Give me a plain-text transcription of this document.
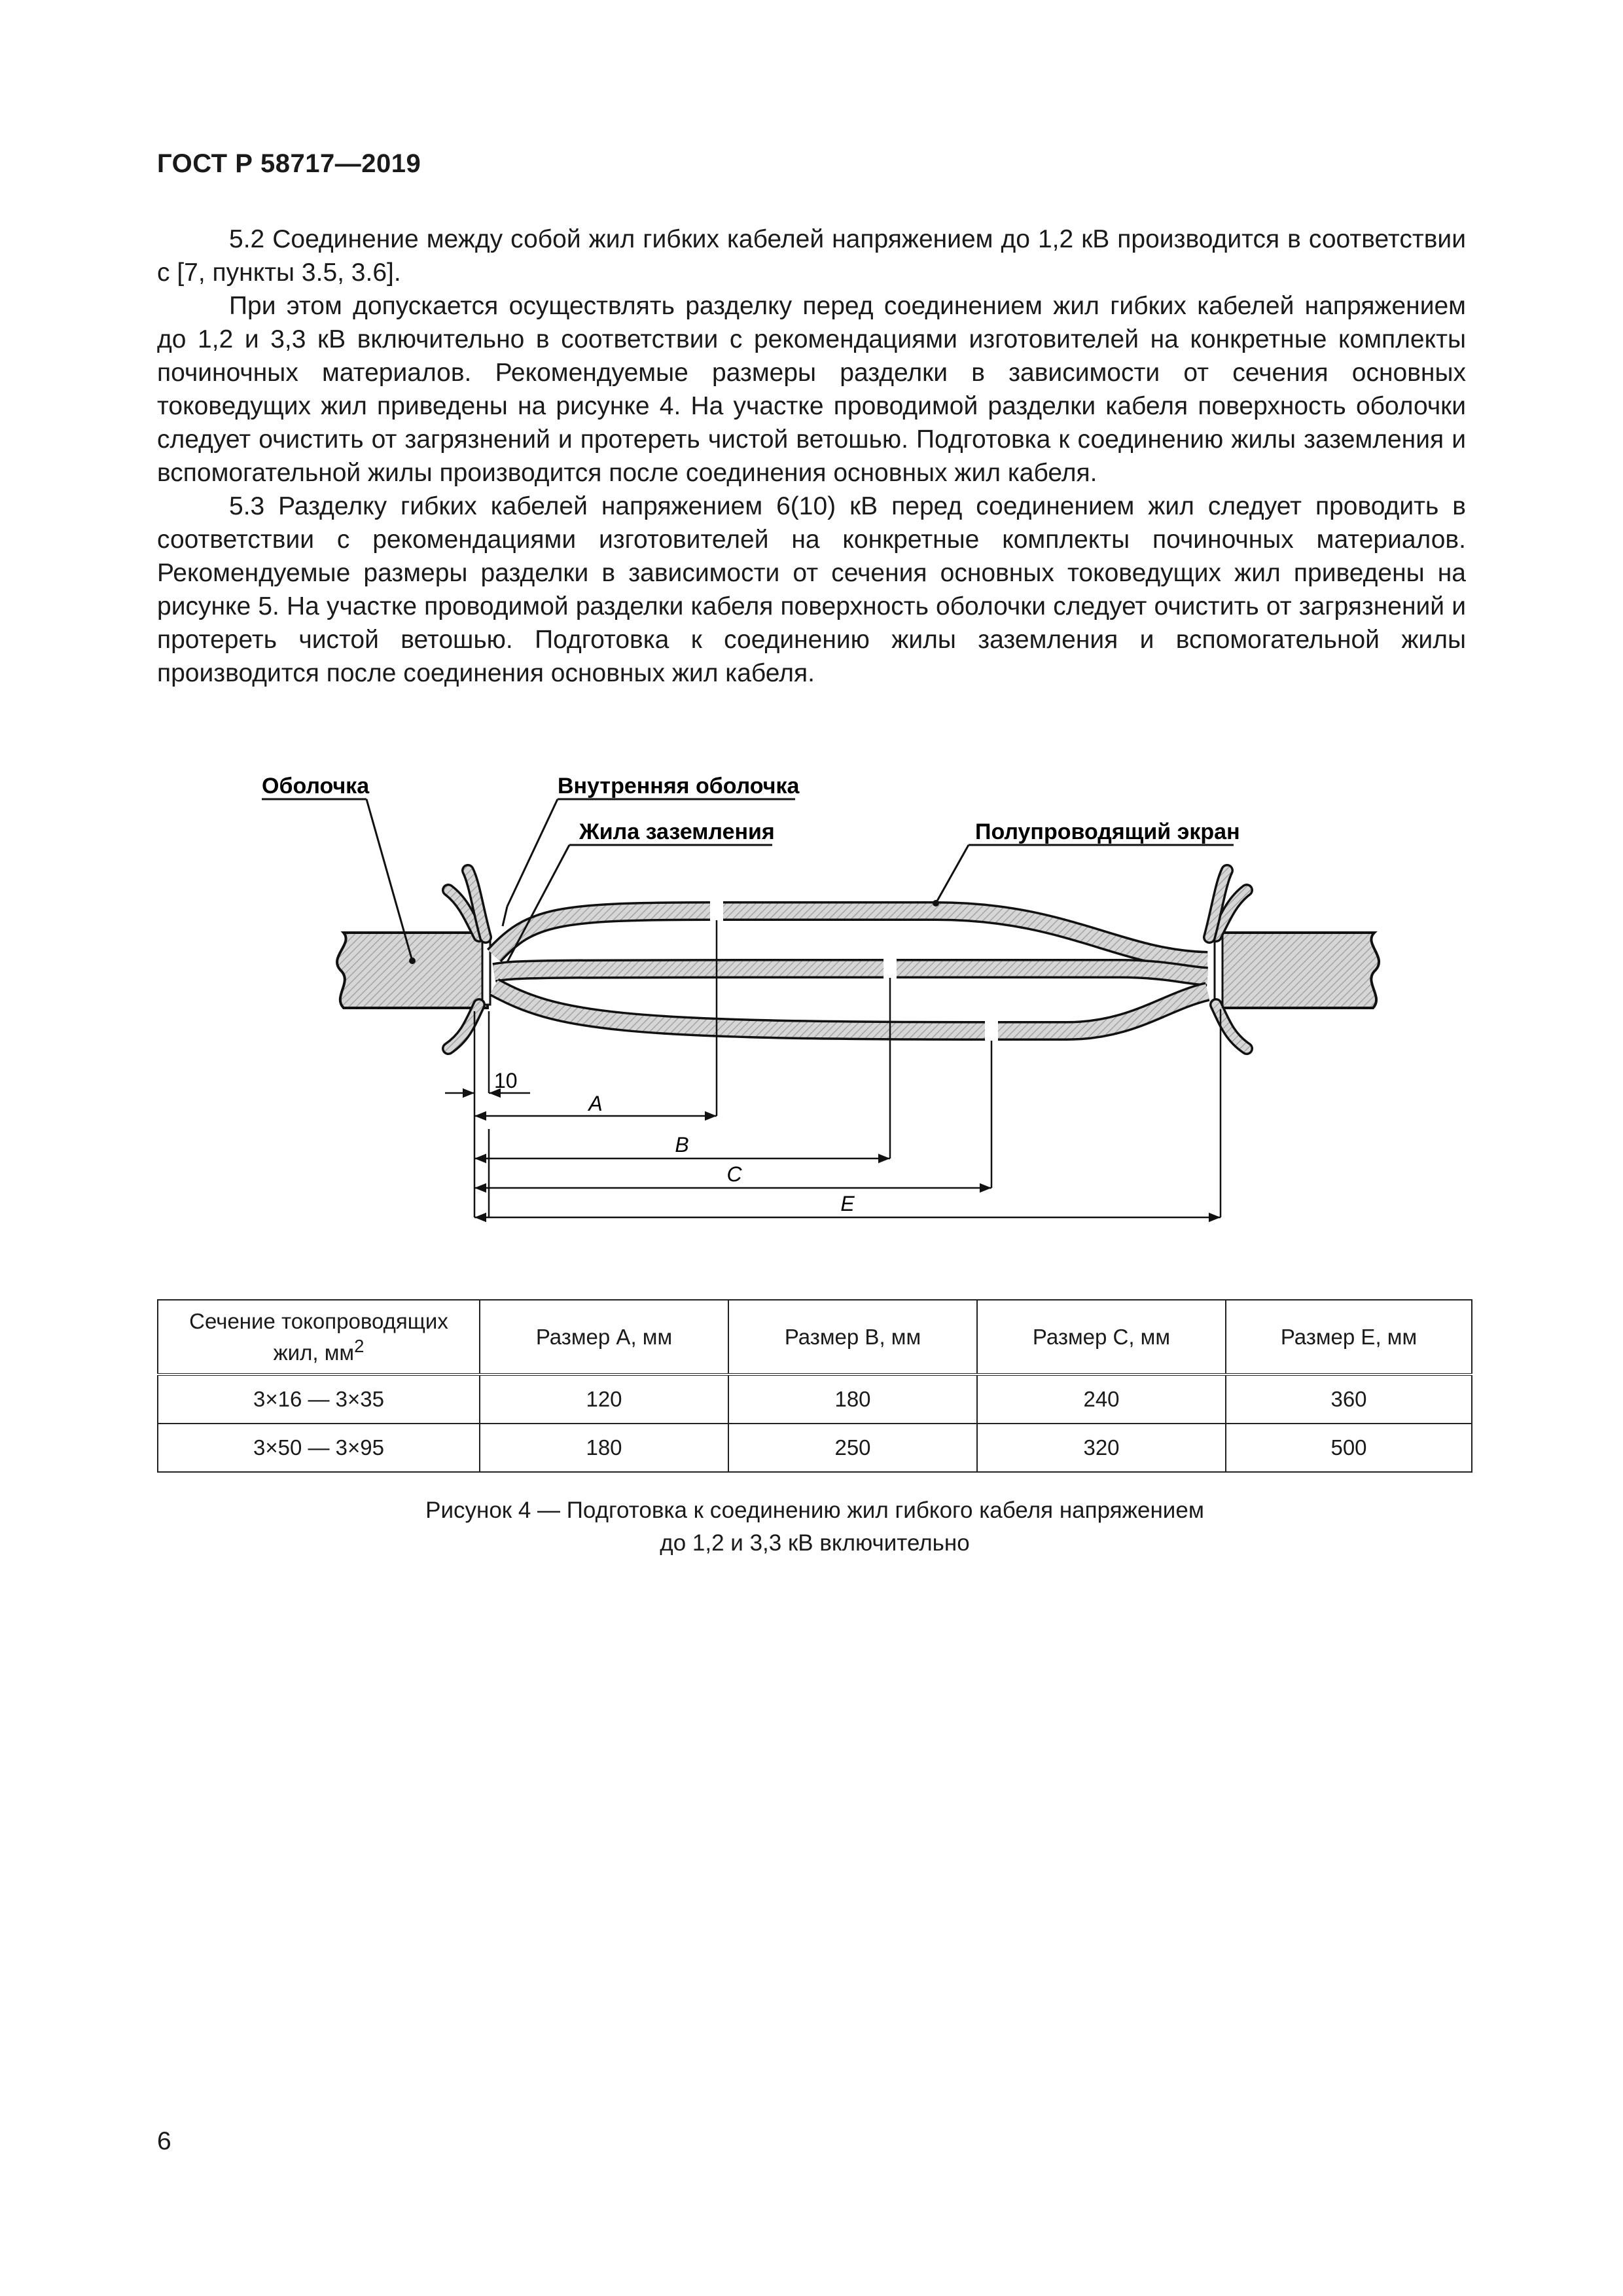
ГОСТ Р 58717—2019

5.2 Соединение между собой жил гибких кабелей напряжением до 1,2 кВ производится в соответствии с [7, пункты 3.5, 3.6].

При этом допускается осуществлять разделку перед соединением жил гибких кабелей напряжением до 1,2 и 3,3 кВ включительно в соответствии с рекомендациями изготовителей на конкретные комплекты починочных материалов. Рекомендуемые размеры разделки в зависимости от сечения основных токоведущих жил приведены на рисунке 4. На участке проводимой разделки кабеля поверхность оболочки следует очистить от загрязнений и протереть чистой ветошью. Подготовка к соединению жилы заземления и вспомогательной жилы производится после соединения основных жил кабеля.

5.3 Разделку гибких кабелей напряжением 6(10) кВ перед соединением жил следует проводить в соответствии с рекомендациями изготовителей на конкретные комплекты починочных материалов. Рекомендуемые размеры разделки в зависимости от сечения основных токоведущих жил приведены на рисунке 5. На участке проводимой разделки кабеля поверхность оболочки следует очистить от загрязнений и протереть чистой ветошью. Подготовка к соединению жилы заземления и вспомогательной жилы производится после соединения основных жил кабеля.

Оболочка	Внутренняя оболочка
Жила заземления	Полупроводящий экран
10
A
B
C
E
Сечение токопроводящих
жил, $мм^2$	Размер А, мм	Размер В, мм	Размер С, мм	Размер Е, мм
3×16 — 3×35	120	180	240	360
3×50 — 3×95	180	250	320	500
Рисунок 4 — Подготовка к соединению жил гибкого кабеля напряжением
до 1,2 и 3,3 кВ включительно
6
